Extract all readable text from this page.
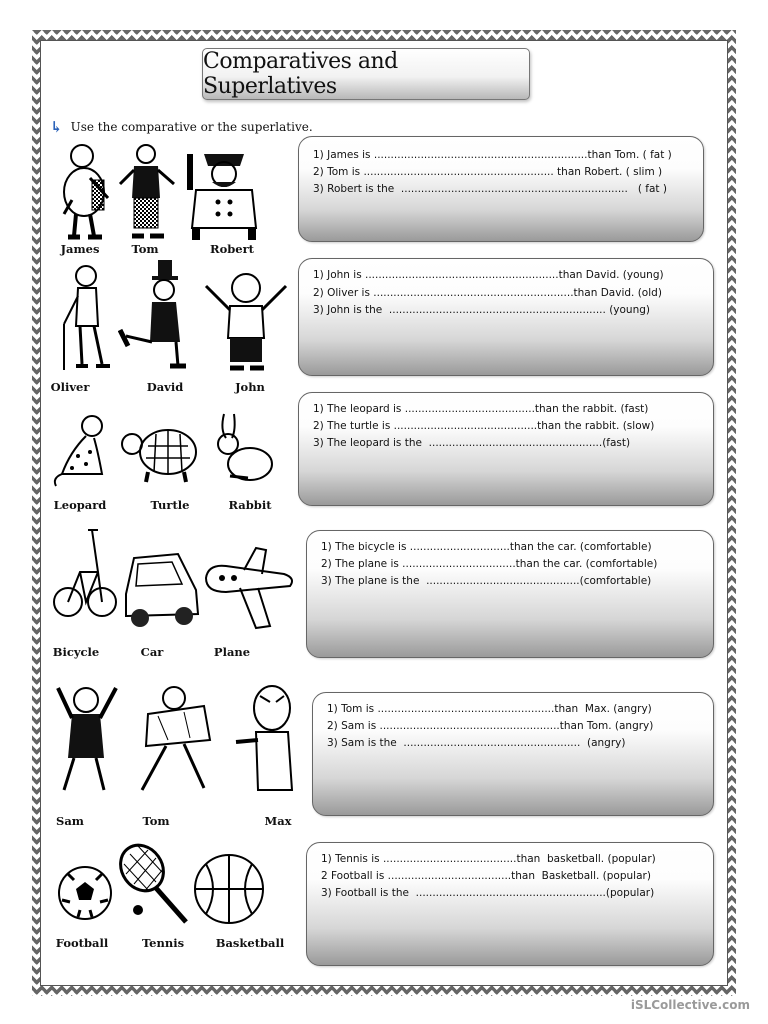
Comparatives and Superlatives
↳ Use the comparative or the superlative.
James	Tom	Robert
1) James is ................................................................than Tom. ( fat )
2) Tom is ......................................................... than Robert. ( slim )
3) Robert is the  ....................................................................   ( fat )
Oliver	David	John
1) John is ..........................................................than David. (young)
2) Oliver is ............................................................than David. (old)
3) John is the  ................................................................. (young)
Leopard	Turtle	Rabbit
1) The leopard is .......................................than the rabbit. (fast)
2) The turtle is ...........................................than the rabbit. (slow)
3) The leopard is the  ....................................................(fast)
Bicycle	Car	Plane
1) The bicycle is ..............................than the car. (comfortable)
2) The plane is ..................................than the car. (comfortable)
3) The plane is the  ..............................................(comfortable)
Sam	Tom	Max
1) Tom is .....................................................than  Max. (angry)
2) Sam is ......................................................than Tom. (angry)
3) Sam is the  .....................................................  (angry)
Football	Tennis	Basketball
1) Tennis is ........................................than  basketball. (popular)
2 Football is .....................................than  Basketball. (popular)
3) Football is the  .........................................................(popular)
iSLCollective.com
